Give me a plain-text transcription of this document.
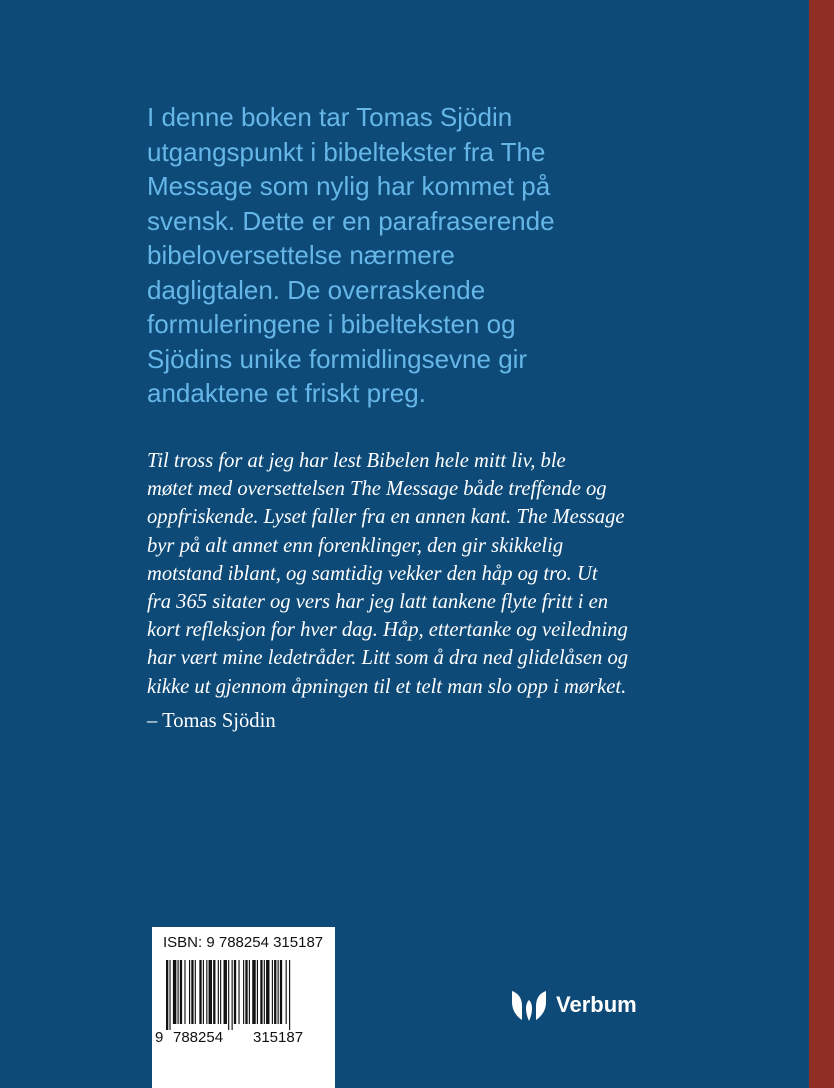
I denne boken tar Tomas Sjödin
utgangspunkt i bibeltekster fra The
Message som nylig har kommet på
svensk. Dette er en parafraserende
bibeloversettelse nærmere
dagligtalen. De overraskende
formuleringene i bibelteksten og
Sjödins unike formidlingsevne gir
andaktene et friskt preg.
Til tross for at jeg har lest Bibelen hele mitt liv, ble
møtet med oversettelsen The Message både treffende og
oppfriskende. Lyset faller fra en annen kant. The Message
byr på alt annet enn forenklinger, den gir skikkelig
motstand iblant, og samtidig vekker den håp og tro. Ut
fra 365 sitater og vers har jeg latt tankene flyte fritt i en
kort refleksjon for hver dag. Håp, ettertanke og veiledning
har vært mine ledetråder. Litt som å dra ned glidelåsen og
kikke ut gjennom åpningen til et telt man slo opp i mørket.
– Tomas Sjödin
ISBN: 9 788254 315187
9 788254 315187
Verbum
